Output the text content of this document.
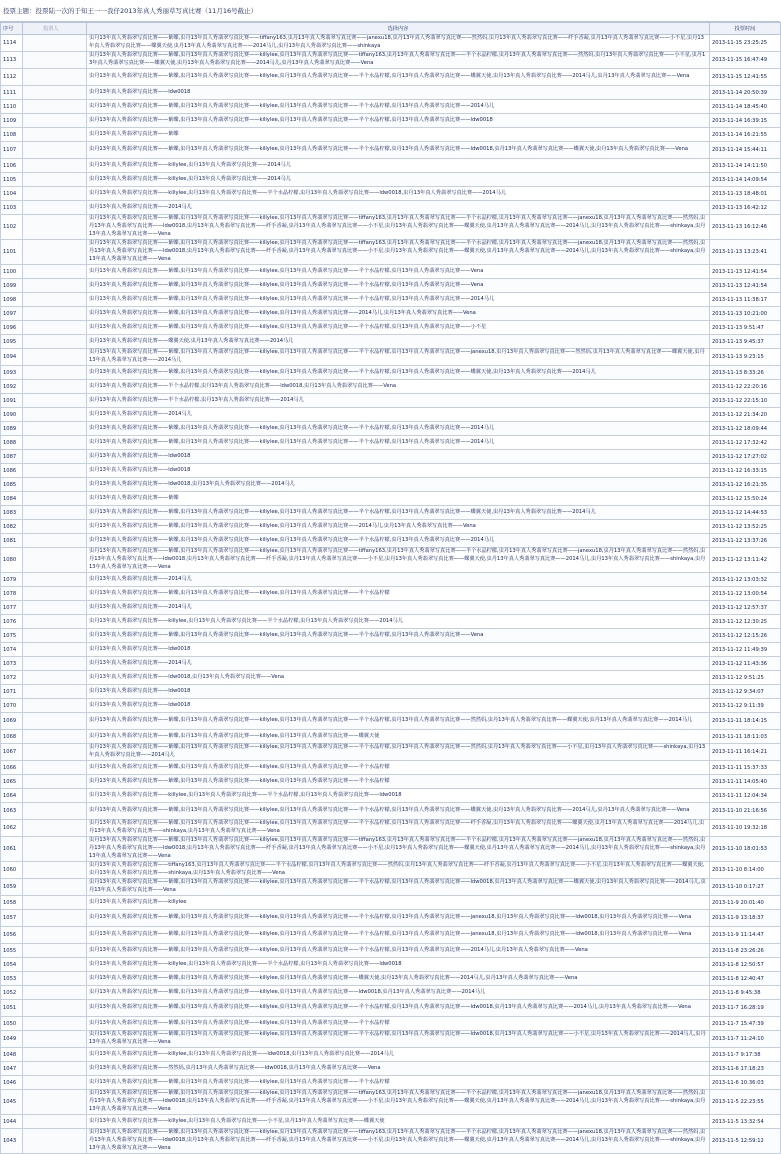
投票主题：投票陆一次的于知王一一我仔2013年真人秀丽草写真比赛（11月16号截止）
序号	投票人	选择内容	投票时间
1114		虫丹13年真人秀翡翠写真比赛——紫蝶,虫丹13年真人秀翡翠写真比赛——tiffany163,虫丹13年真人秀翡翠写真比赛——janexu18,虫丹13年真人秀翡翠写真比赛——然然妈,虫丹13年真人秀翡翠写真比赛——纤手香凝,虫丹13年真人秀翡翠写真比赛——小不星,虫丹13年真人秀翡翠写真比赛——蝶翼天使,虫丹13年真人秀翡翠写真比赛——2014马儿,虫丹13年真人秀翡翠写真比赛——shinkaya	2013-11-15 23:25:25
1113		虫丹13年真人秀翡翠写真比赛——紫蝶,虫丹13年真人秀翡翠写真比赛——killylee,虫丹13年真人秀翡翠写真比赛——tiffany163,虫丹13年真人秀翡翠写真比赛——半个水晶柠檬,虫丹13年真人秀翡翠写真比赛——然然妈,虫丹13年真人秀翡翠写真比赛——小不星,虫丹13年真人秀翡翠写真比赛——蝶翼天使,虫丹13年真人秀翡翠写真比赛——2014马儿,虫丹13年真人秀翡翠写真比赛——Vena	2013-11-15 16:47:49
1112		虫丹13年真人秀翡翠写真比赛——紫蝶,虫丹13年真人秀翡翠写真比赛——killylee,虫丹13年真人秀翡翠写真比赛——半个水晶柠檬,虫丹13年真人秀翡翠写真比赛——蝶翼天使,虫丹13年真人秀翡翠写真比赛——2014马儿,虫丹13年真人秀翡翠写真比赛——Vena	2013-11-15 12:41:55
1111		虫丹13年真人秀翡翠写真比赛——ldw0018	2013-11-14 20:50:39
1110		虫丹13年真人秀翡翠写真比赛——紫蝶,虫丹13年真人秀翡翠写真比赛——killylee,虫丹13年真人秀翡翠写真比赛——半个水晶柠檬,虫丹13年真人秀翡翠写真比赛——2014马儿	2013-11-14 18:45:40
1109		虫丹13年真人秀翡翠写真比赛——紫蝶,虫丹13年真人秀翡翠写真比赛——killylee,虫丹13年真人秀翡翠写真比赛——半个水晶柠檬,虫丹13年真人秀翡翠写真比赛——ldw0018	2013-11-14 16:39:15
1108		虫丹13年真人秀翡翠写真比赛——紫蝶	2013-11-14 16:21:55
1107		虫丹13年真人秀翡翠写真比赛——紫蝶,虫丹13年真人秀翡翠写真比赛——killylee,虫丹13年真人秀翡翠写真比赛——半个水晶柠檬,虫丹13年真人秀翡翠写真比赛——ldw0018,虫丹13年真人秀翡翠写真比赛——蝶翼天使,虫丹13年真人秀翡翠写真比赛——Vena	2013-11-14 15:44:11
1106		虫丹13年真人秀翡翠写真比赛——killylee,虫丹13年真人秀翡翠写真比赛——2014马儿	2013-11-14 14:11:50
1105		虫丹13年真人秀翡翠写真比赛——killylee,虫丹13年真人秀翡翠写真比赛——2014马儿	2013-11-14 14:09:54
1104		虫丹13年真人秀翡翠写真比赛——killylee,虫丹13年真人秀翡翠写真比赛——半个水晶柠檬,虫丹13年真人秀翡翠写真比赛——ldw0018,虫丹13年真人秀翡翠写真比赛——2014马儿	2013-11-13 18:48:01
1103		虫丹13年真人秀翡翠写真比赛——2014马儿	2013-11-13 16:42:12
1102		虫丹13年真人秀翡翠写真比赛——紫蝶,虫丹13年真人秀翡翠写真比赛——killylee,虫丹13年真人秀翡翠写真比赛——tiffany163,虫丹13年真人秀翡翠写真比赛——半个水晶柠檬,虫丹13年真人秀翡翠写真比赛——janexu18,虫丹13年真人秀翡翠写真比赛——然然妈,虫丹13年真人秀翡翠写真比赛——ldw0018,虫丹13年真人秀翡翠写真比赛——纤手香凝,虫丹13年真人秀翡翠写真比赛——小不星,虫丹13年真人秀翡翠写真比赛——蝶翼天使,虫丹13年真人秀翡翠写真比赛——2014马儿,虫丹13年真人秀翡翠写真比赛——shinkaya,虫丹13年真人秀翡翠写真比赛——Vena	2013-11-13 16:12:46
1101		虫丹13年真人秀翡翠写真比赛——紫蝶,虫丹13年真人秀翡翠写真比赛——killylee,虫丹13年真人秀翡翠写真比赛——tiffany163,虫丹13年真人秀翡翠写真比赛——半个水晶柠檬,虫丹13年真人秀翡翠写真比赛——janexu18,虫丹13年真人秀翡翠写真比赛——然然妈,虫丹13年真人秀翡翠写真比赛——ldw0018,虫丹13年真人秀翡翠写真比赛——纤手香凝,虫丹13年真人秀翡翠写真比赛——小不星,虫丹13年真人秀翡翠写真比赛——蝶翼天使,虫丹13年真人秀翡翠写真比赛——2014马儿,虫丹13年真人秀翡翠写真比赛——shinkaya,虫丹13年真人秀翡翠写真比赛——Vena	2013-11-13 13:23:41
1100		虫丹13年真人秀翡翠写真比赛——紫蝶,虫丹13年真人秀翡翠写真比赛——killylee,虫丹13年真人秀翡翠写真比赛——半个水晶柠檬,虫丹13年真人秀翡翠写真比赛——Vena	2013-11-13 12:41:54
1099		虫丹13年真人秀翡翠写真比赛——紫蝶,虫丹13年真人秀翡翠写真比赛——killylee,虫丹13年真人秀翡翠写真比赛——半个水晶柠檬,虫丹13年真人秀翡翠写真比赛——Vena	2013-11-13 12:41:54
1098		虫丹13年真人秀翡翠写真比赛——紫蝶,虫丹13年真人秀翡翠写真比赛——killylee,虫丹13年真人秀翡翠写真比赛——半个水晶柠檬,虫丹13年真人秀翡翠写真比赛——2014马儿	2013-11-13 11:38:17
1097		虫丹13年真人秀翡翠写真比赛——紫蝶,虫丹13年真人秀翡翠写真比赛——killylee,虫丹13年真人秀翡翠写真比赛——2014马儿,虫丹13年真人秀翡翠写真比赛——Vena	2013-11-13 10:21:00
1096		虫丹13年真人秀翡翠写真比赛——紫蝶,虫丹13年真人秀翡翠写真比赛——killylee,虫丹13年真人秀翡翠写真比赛——半个水晶柠檬,虫丹13年真人秀翡翠写真比赛——小不星	2013-11-13 9:51:47
1095		虫丹13年真人秀翡翠写真比赛——蝶翼天使,虫丹13年真人秀翡翠写真比赛——2014马儿	2013-11-13 9:45:37
1094		虫丹13年真人秀翡翠写真比赛——紫蝶,虫丹13年真人秀翡翠写真比赛——killylee,虫丹13年真人秀翡翠写真比赛——半个水晶柠檬,虫丹13年真人秀翡翠写真比赛——janexu18,虫丹13年真人秀翡翠写真比赛——然然妈,虫丹13年真人秀翡翠写真比赛——蝶翼天使,虫丹13年真人秀翡翠写真比赛——2014马儿	2013-11-13 9:23:15
1093		虫丹13年真人秀翡翠写真比赛——紫蝶,虫丹13年真人秀翡翠写真比赛——killylee,虫丹13年真人秀翡翠写真比赛——半个水晶柠檬,虫丹13年真人秀翡翠写真比赛——蝶翼天使,虫丹13年真人秀翡翠写真比赛——2014马儿	2013-11-13 8:33:26
1092		虫丹13年真人秀翡翠写真比赛——半个水晶柠檬,虫丹13年真人秀翡翠写真比赛——ldw0018,虫丹13年真人秀翡翠写真比赛——Vena	2013-11-12 22:20:16
1091		虫丹13年真人秀翡翠写真比赛——半个水晶柠檬,虫丹13年真人秀翡翠写真比赛——2014马儿	2013-11-12 22:15:10
1090		虫丹13年真人秀翡翠写真比赛——2014马儿	2013-11-12 21:34:20
1089		虫丹13年真人秀翡翠写真比赛——紫蝶,虫丹13年真人秀翡翠写真比赛——killylee,虫丹13年真人秀翡翠写真比赛——半个水晶柠檬,虫丹13年真人秀翡翠写真比赛——2014马儿	2013-11-12 18:09:44
1088		虫丹13年真人秀翡翠写真比赛——紫蝶,虫丹13年真人秀翡翠写真比赛——killylee,虫丹13年真人秀翡翠写真比赛——半个水晶柠檬,虫丹13年真人秀翡翠写真比赛——2014马儿	2013-11-12 17:32:42
1087		虫丹13年真人秀翡翠写真比赛——ldw0018	2013-11-12 17:27:02
1086		虫丹13年真人秀翡翠写真比赛——ldw0018	2013-11-12 16:33:15
1085		虫丹13年真人秀翡翠写真比赛——ldw0018,虫丹13年真人秀翡翠写真比赛——2014马儿	2013-11-12 16:21:35
1084		虫丹13年真人秀翡翠写真比赛——紫蝶	2013-11-12 15:50:24
1083		虫丹13年真人秀翡翠写真比赛——紫蝶,虫丹13年真人秀翡翠写真比赛——killylee,虫丹13年真人秀翡翠写真比赛——半个水晶柠檬,虫丹13年真人秀翡翠写真比赛——蝶翼天使,虫丹13年真人秀翡翠写真比赛——2014马儿	2013-11-12 14:44:53
1082		虫丹13年真人秀翡翠写真比赛——紫蝶,虫丹13年真人秀翡翠写真比赛——killylee,虫丹13年真人秀翡翠写真比赛——2014马儿,虫丹13年真人秀翡翠写真比赛——Vena	2013-11-12 13:52:25
1081		虫丹13年真人秀翡翠写真比赛——紫蝶,虫丹13年真人秀翡翠写真比赛——killylee,虫丹13年真人秀翡翠写真比赛——半个水晶柠檬,虫丹13年真人秀翡翠写真比赛——2014马儿	2013-11-12 13:37:26
1080		虫丹13年真人秀翡翠写真比赛——紫蝶,虫丹13年真人秀翡翠写真比赛——killylee,虫丹13年真人秀翡翠写真比赛——tiffany163,虫丹13年真人秀翡翠写真比赛——半个水晶柠檬,虫丹13年真人秀翡翠写真比赛——janexu18,虫丹13年真人秀翡翠写真比赛——然然妈,虫丹13年真人秀翡翠写真比赛——ldw0018,虫丹13年真人秀翡翠写真比赛——纤手香凝,虫丹13年真人秀翡翠写真比赛——小不星,虫丹13年真人秀翡翠写真比赛——蝶翼天使,虫丹13年真人秀翡翠写真比赛——2014马儿,虫丹13年真人秀翡翠写真比赛——shinkaya,虫丹13年真人秀翡翠写真比赛——Vena	2013-11-12 13:11:42
1079		虫丹13年真人秀翡翠写真比赛——2014马儿	2013-11-12 13:03:32
1078		虫丹13年真人秀翡翠写真比赛——紫蝶,虫丹13年真人秀翡翠写真比赛——killylee,虫丹13年真人秀翡翠写真比赛——半个水晶柠檬	2013-11-12 13:00:54
1077		虫丹13年真人秀翡翠写真比赛——2014马儿	2013-11-12 12:57:37
1076		虫丹13年真人秀翡翠写真比赛——killylee,虫丹13年真人秀翡翠写真比赛——半个水晶柠檬,虫丹13年真人秀翡翠写真比赛——2014马儿	2013-11-12 12:30:25
1075		虫丹13年真人秀翡翠写真比赛——紫蝶,虫丹13年真人秀翡翠写真比赛——killylee,虫丹13年真人秀翡翠写真比赛——半个水晶柠檬,虫丹13年真人秀翡翠写真比赛——Vena	2013-11-12 12:15:26
1074		虫丹13年真人秀翡翠写真比赛——ldw0018	2013-11-12 11:49:39
1073		虫丹13年真人秀翡翠写真比赛——2014马儿	2013-11-12 11:43:36
1072		虫丹13年真人秀翡翠写真比赛——ldw0018,虫丹13年真人秀翡翠写真比赛——Vena	2013-11-12 9:51:25
1071		虫丹13年真人秀翡翠写真比赛——ldw0018	2013-11-12 9:34:07
1070		虫丹13年真人秀翡翠写真比赛——ldw0018	2013-11-12 9:11:39
1069		虫丹13年真人秀翡翠写真比赛——紫蝶,虫丹13年真人秀翡翠写真比赛——killylee,虫丹13年真人秀翡翠写真比赛——半个水晶柠檬,虫丹13年真人秀翡翠写真比赛——然然妈,虫丹13年真人秀翡翠写真比赛——蝶翼天使,虫丹13年真人秀翡翠写真比赛——2014马儿	2013-11-11 18:14:15
1068		虫丹13年真人秀翡翠写真比赛——紫蝶,虫丹13年真人秀翡翠写真比赛——killylee,虫丹13年真人秀翡翠写真比赛——蝶翼天使	2013-11-11 18:11:03
1067		虫丹13年真人秀翡翠写真比赛——紫蝶,虫丹13年真人秀翡翠写真比赛——killylee,虫丹13年真人秀翡翠写真比赛——半个水晶柠檬,虫丹13年真人秀翡翠写真比赛——然然妈,虫丹13年真人秀翡翠写真比赛——小不星,虫丹13年真人秀翡翠写真比赛——shinkaya,虫丹13年真人秀翡翠写真比赛——2014马儿	2013-11-11 16:14:21
1066		虫丹13年真人秀翡翠写真比赛——紫蝶,虫丹13年真人秀翡翠写真比赛——killylee,虫丹13年真人秀翡翠写真比赛——半个水晶柠檬	2013-11-11 15:37:33
1065		虫丹13年真人秀翡翠写真比赛——紫蝶,虫丹13年真人秀翡翠写真比赛——killylee,虫丹13年真人秀翡翠写真比赛——半个水晶柠檬	2013-11-11 14:05:40
1064		虫丹13年真人秀翡翠写真比赛——killylee,虫丹13年真人秀翡翠写真比赛——半个水晶柠檬,虫丹13年真人秀翡翠写真比赛——ldw0018	2013-11-11 12:04:34
1063		虫丹13年真人秀翡翠写真比赛——紫蝶,虫丹13年真人秀翡翠写真比赛——killylee,虫丹13年真人秀翡翠写真比赛——半个水晶柠檬,虫丹13年真人秀翡翠写真比赛——蝶翼天使,虫丹13年真人秀翡翠写真比赛——2014马儿,虫丹13年真人秀翡翠写真比赛——Vena	2013-11-10 21:16:56
1062		虫丹13年真人秀翡翠写真比赛——紫蝶,虫丹13年真人秀翡翠写真比赛——killylee,虫丹13年真人秀翡翠写真比赛——半个水晶柠檬,虫丹13年真人秀翡翠写真比赛——纤手香凝,虫丹13年真人秀翡翠写真比赛——蝶翼天使,虫丹13年真人秀翡翠写真比赛——2014马儿,虫丹13年真人秀翡翠写真比赛——shinkaya,虫丹13年真人秀翡翠写真比赛——Vena	2013-11-10 19:32:18
1061		虫丹13年真人秀翡翠写真比赛——紫蝶,虫丹13年真人秀翡翠写真比赛——killylee,虫丹13年真人秀翡翠写真比赛——tiffany163,虫丹13年真人秀翡翠写真比赛——半个水晶柠檬,虫丹13年真人秀翡翠写真比赛——janexu18,虫丹13年真人秀翡翠写真比赛——然然妈,虫丹13年真人秀翡翠写真比赛——ldw0018,虫丹13年真人秀翡翠写真比赛——纤手香凝,虫丹13年真人秀翡翠写真比赛——小不星,虫丹13年真人秀翡翠写真比赛——蝶翼天使,虫丹13年真人秀翡翠写真比赛——2014马儿,虫丹13年真人秀翡翠写真比赛——shinkaya,虫丹13年真人秀翡翠写真比赛——Vena	2013-11-10 18:01:53
1060		虫丹13年真人秀翡翠写真比赛——tiffany163,虫丹13年真人秀翡翠写真比赛——半个水晶柠檬,虫丹13年真人秀翡翠写真比赛——然然妈,虫丹13年真人秀翡翠写真比赛——纤手香凝,虫丹13年真人秀翡翠写真比赛——小不星,虫丹13年真人秀翡翠写真比赛——蝶翼天使,虫丹13年真人秀翡翠写真比赛——shinkaya,虫丹13年真人秀翡翠写真比赛——Vena	2013-11-10 8:14:00
1059		虫丹13年真人秀翡翠写真比赛——紫蝶,虫丹13年真人秀翡翠写真比赛——killylee,虫丹13年真人秀翡翠写真比赛——半个水晶柠檬,虫丹13年真人秀翡翠写真比赛——ldw0018,虫丹13年真人秀翡翠写真比赛——蝶翼天使,虫丹13年真人秀翡翠写真比赛——2014马儿,虫丹13年真人秀翡翠写真比赛——Vena	2013-11-10 0:17:27
1058		虫丹13年真人秀翡翠写真比赛——killylee	2013-11-9 20:01:40
1057		虫丹13年真人秀翡翠写真比赛——紫蝶,虫丹13年真人秀翡翠写真比赛——killylee,虫丹13年真人秀翡翠写真比赛——半个水晶柠檬,虫丹13年真人秀翡翠写真比赛——janexu18,虫丹13年真人秀翡翠写真比赛——ldw0018,虫丹13年真人秀翡翠写真比赛——Vena	2013-11-9 13:18:37
1056		虫丹13年真人秀翡翠写真比赛——紫蝶,虫丹13年真人秀翡翠写真比赛——killylee,虫丹13年真人秀翡翠写真比赛——半个水晶柠檬,虫丹13年真人秀翡翠写真比赛——janexu18,虫丹13年真人秀翡翠写真比赛——ldw0018,虫丹13年真人秀翡翠写真比赛——Vena	2013-11-9 11:14:47
1055		虫丹13年真人秀翡翠写真比赛——紫蝶,虫丹13年真人秀翡翠写真比赛——killylee,虫丹13年真人秀翡翠写真比赛——半个水晶柠檬,虫丹13年真人秀翡翠写真比赛——2014马儿,虫丹13年真人秀翡翠写真比赛——Vena	2013-11-8 23:26:26
1054		虫丹13年真人秀翡翠写真比赛——killylee,虫丹13年真人秀翡翠写真比赛——半个水晶柠檬,虫丹13年真人秀翡翠写真比赛——ldw0018	2013-11-8 12:50:57
1053		虫丹13年真人秀翡翠写真比赛——紫蝶,虫丹13年真人秀翡翠写真比赛——killylee,虫丹13年真人秀翡翠写真比赛——蝶翼天使,虫丹13年真人秀翡翠写真比赛——2014马儿,虫丹13年真人秀翡翠写真比赛——Vena	2013-11-8 12:40:47
1052		虫丹13年真人秀翡翠写真比赛——紫蝶,虫丹13年真人秀翡翠写真比赛——killylee,虫丹13年真人秀翡翠写真比赛——ldw0018,虫丹13年真人秀翡翠写真比赛——2014马儿	2013-11-8 9:45:38
1051		虫丹13年真人秀翡翠写真比赛——紫蝶,虫丹13年真人秀翡翠写真比赛——killylee,虫丹13年真人秀翡翠写真比赛——半个水晶柠檬,虫丹13年真人秀翡翠写真比赛——ldw0018,虫丹13年真人秀翡翠写真比赛——2014马儿,虫丹13年真人秀翡翠写真比赛——Vena	2013-11-7 16:28:19
1050		虫丹13年真人秀翡翠写真比赛——紫蝶,虫丹13年真人秀翡翠写真比赛——killylee,虫丹13年真人秀翡翠写真比赛——半个水晶柠檬	2013-11-7 15:47:39
1049		虫丹13年真人秀翡翠写真比赛——紫蝶,虫丹13年真人秀翡翠写真比赛——killylee,虫丹13年真人秀翡翠写真比赛——半个水晶柠檬,虫丹13年真人秀翡翠写真比赛——ldw0018,虫丹13年真人秀翡翠写真比赛——小不星,虫丹13年真人秀翡翠写真比赛——2014马儿,虫丹13年真人秀翡翠写真比赛——Vena	2013-11-7 11:24:10
1048		虫丹13年真人秀翡翠写真比赛——killylee,虫丹13年真人秀翡翠写真比赛——ldw0018,虫丹13年真人秀翡翠写真比赛——2014马儿	2013-11-7 9:17:38
1047		虫丹13年真人秀翡翠写真比赛——然然妈,虫丹13年真人秀翡翠写真比赛——ldw0018,虫丹13年真人秀翡翠写真比赛——Vena	2013-11-6 17:18:23
1046		虫丹13年真人秀翡翠写真比赛——紫蝶,虫丹13年真人秀翡翠写真比赛——killylee,虫丹13年真人秀翡翠写真比赛——半个水晶柠檬	2013-11-6 10:36:03
1045		虫丹13年真人秀翡翠写真比赛——紫蝶,虫丹13年真人秀翡翠写真比赛——killylee,虫丹13年真人秀翡翠写真比赛——tiffany163,虫丹13年真人秀翡翠写真比赛——半个水晶柠檬,虫丹13年真人秀翡翠写真比赛——janexu18,虫丹13年真人秀翡翠写真比赛——然然妈,虫丹13年真人秀翡翠写真比赛——ldw0018,虫丹13年真人秀翡翠写真比赛——纤手香凝,虫丹13年真人秀翡翠写真比赛——小不星,虫丹13年真人秀翡翠写真比赛——蝶翼天使,虫丹13年真人秀翡翠写真比赛——2014马儿,虫丹13年真人秀翡翠写真比赛——shinkaya,虫丹13年真人秀翡翠写真比赛——Vena	2013-11-5 22:23:55
1044		虫丹13年真人秀翡翠写真比赛——killylee,虫丹13年真人秀翡翠写真比赛——小不星,虫丹13年真人秀翡翠写真比赛——蝶翼天使	2013-11-5 13:32:54
1043		虫丹13年真人秀翡翠写真比赛——紫蝶,虫丹13年真人秀翡翠写真比赛——killylee,虫丹13年真人秀翡翠写真比赛——tiffany163,虫丹13年真人秀翡翠写真比赛——半个水晶柠檬,虫丹13年真人秀翡翠写真比赛——janexu18,虫丹13年真人秀翡翠写真比赛——然然妈,虫丹13年真人秀翡翠写真比赛——ldw0018,虫丹13年真人秀翡翠写真比赛——纤手香凝,虫丹13年真人秀翡翠写真比赛——小不星,虫丹13年真人秀翡翠写真比赛——蝶翼天使,虫丹13年真人秀翡翠写真比赛——2014马儿,虫丹13年真人秀翡翠写真比赛——shinkaya,虫丹13年真人秀翡翠写真比赛——Vena	2013-11-5 12:59:12
